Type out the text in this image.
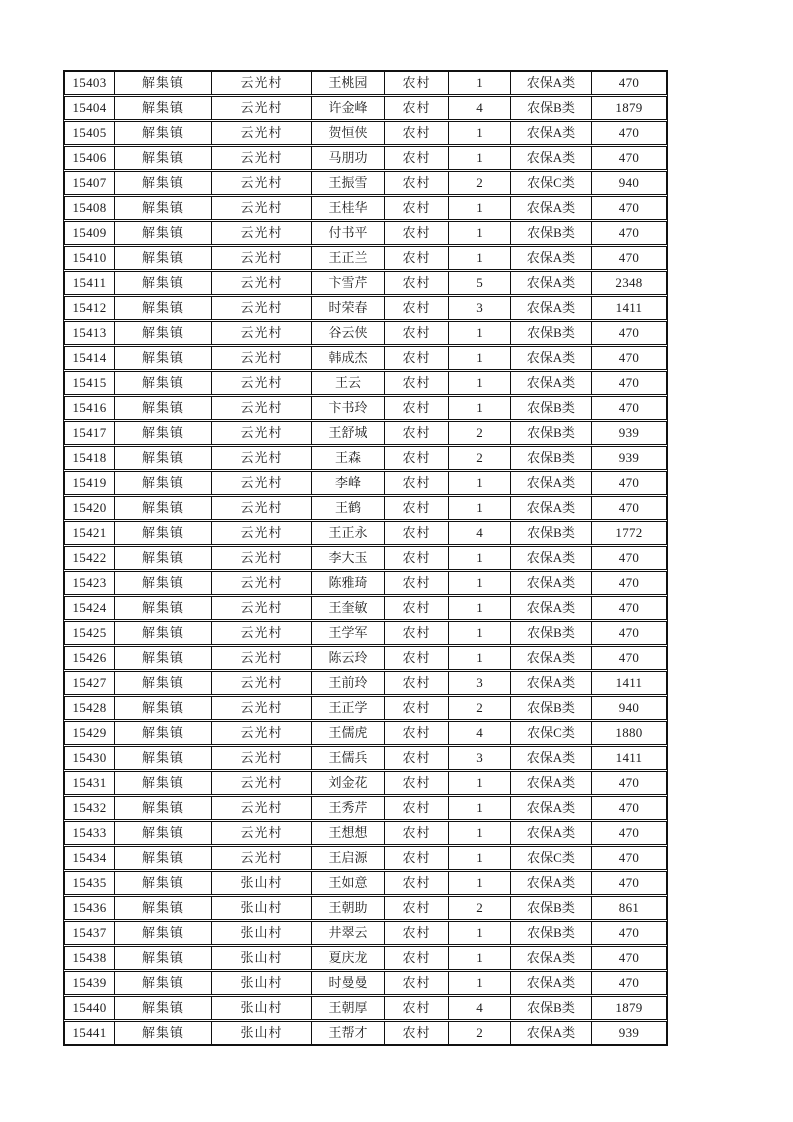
15403	解集镇	云光村	王桃园	农村	1	农保A类	470
15404	解集镇	云光村	许金峰	农村	4	农保B类	1879
15405	解集镇	云光村	贺恒侠	农村	1	农保A类	470
15406	解集镇	云光村	马朋功	农村	1	农保A类	470
15407	解集镇	云光村	王振雪	农村	2	农保C类	940
15408	解集镇	云光村	王桂华	农村	1	农保A类	470
15409	解集镇	云光村	付书平	农村	1	农保B类	470
15410	解集镇	云光村	王正兰	农村	1	农保A类	470
15411	解集镇	云光村	卞雪芹	农村	5	农保A类	2348
15412	解集镇	云光村	时荣春	农村	3	农保A类	1411
15413	解集镇	云光村	谷云侠	农村	1	农保B类	470
15414	解集镇	云光村	韩成杰	农村	1	农保A类	470
15415	解集镇	云光村	王云	农村	1	农保A类	470
15416	解集镇	云光村	卞书玲	农村	1	农保B类	470
15417	解集镇	云光村	王舒城	农村	2	农保B类	939
15418	解集镇	云光村	王森	农村	2	农保B类	939
15419	解集镇	云光村	李峰	农村	1	农保A类	470
15420	解集镇	云光村	王鹤	农村	1	农保A类	470
15421	解集镇	云光村	王正永	农村	4	农保B类	1772
15422	解集镇	云光村	李大玉	农村	1	农保A类	470
15423	解集镇	云光村	陈雅琦	农村	1	农保A类	470
15424	解集镇	云光村	王奎敏	农村	1	农保A类	470
15425	解集镇	云光村	王学军	农村	1	农保B类	470
15426	解集镇	云光村	陈云玲	农村	1	农保A类	470
15427	解集镇	云光村	王前玲	农村	3	农保A类	1411
15428	解集镇	云光村	王正学	农村	2	农保B类	940
15429	解集镇	云光村	王儒虎	农村	4	农保C类	1880
15430	解集镇	云光村	王儒兵	农村	3	农保A类	1411
15431	解集镇	云光村	刘金花	农村	1	农保A类	470
15432	解集镇	云光村	王秀芹	农村	1	农保A类	470
15433	解集镇	云光村	王想想	农村	1	农保A类	470
15434	解集镇	云光村	王启源	农村	1	农保C类	470
15435	解集镇	张山村	王如意	农村	1	农保A类	470
15436	解集镇	张山村	王朝助	农村	2	农保B类	861
15437	解集镇	张山村	井翠云	农村	1	农保B类	470
15438	解集镇	张山村	夏庆龙	农村	1	农保A类	470
15439	解集镇	张山村	时曼曼	农村	1	农保A类	470
15440	解集镇	张山村	王朝厚	农村	4	农保B类	1879
15441	解集镇	张山村	王帮才	农村	2	农保A类	939
